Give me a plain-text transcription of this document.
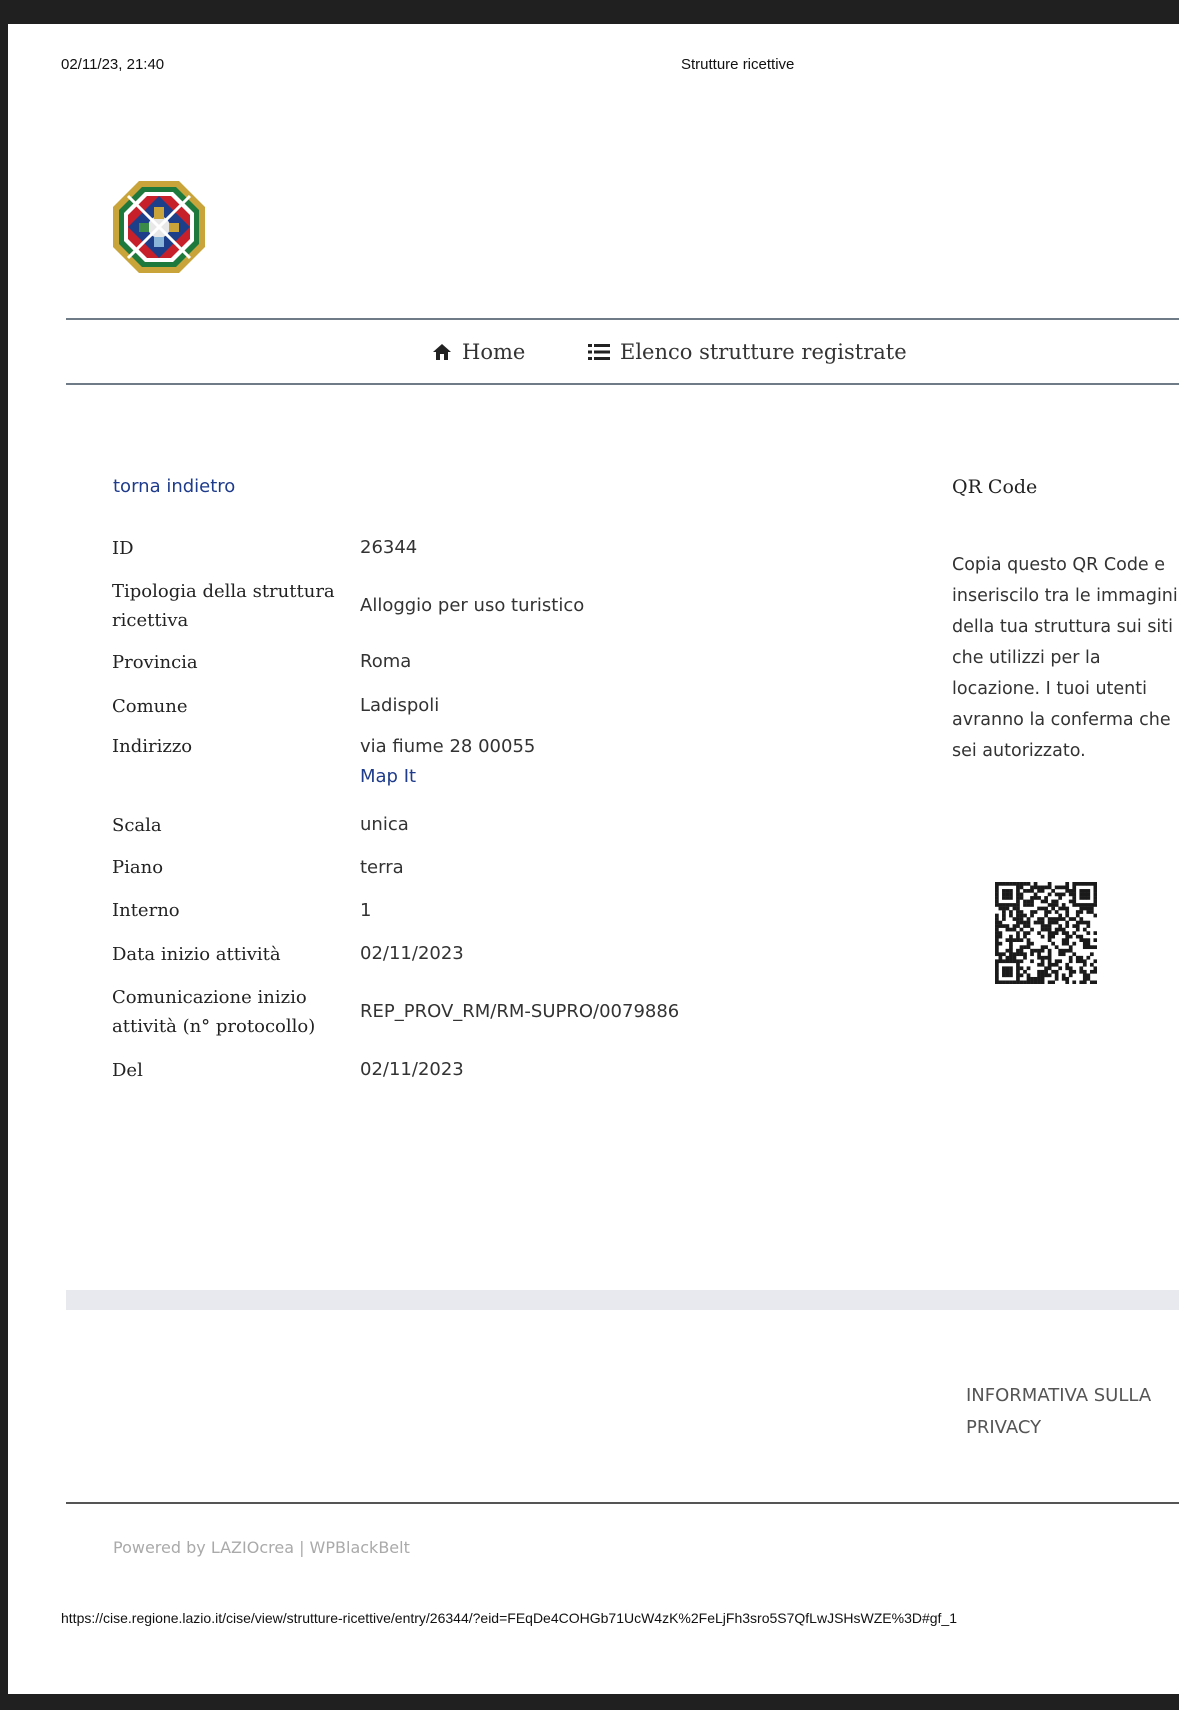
02/11/23, 21:40	Strutture ricettive
Home	Elenco strutture registrate
torna indietro
ID	26344
Tipologia della struttura ricettiva	Alloggio per uso turistico
Provincia	Roma
Comune	Ladispoli
Indirizzo	via fiume 28 00055
Map It

Scala	unica
Piano	terra
Interno	1
Data inizio attività	02/11/2023
Comunicazione inizio attività (n° protocollo)	REP_PROV_RM/RM-SUPRO/0079886
Del	02/11/2023
QR Code
Copia questo QR Code e inseriscilo tra le immagini della tua struttura sui siti che utilizzi per la locazione. I tuoi utenti avranno la conferma che sei autorizzato.
INFORMATIVA SULLA PRIVACY
Powered by LAZIOcrea | WPBlackBelt
https://cise.regione.lazio.it/cise/view/strutture-ricettive/entry/26344/?eid=FEqDe4COHGb71UcW4zK%2FeLjFh3sro5S7QfLwJSHsWZE%3D#gf_1
